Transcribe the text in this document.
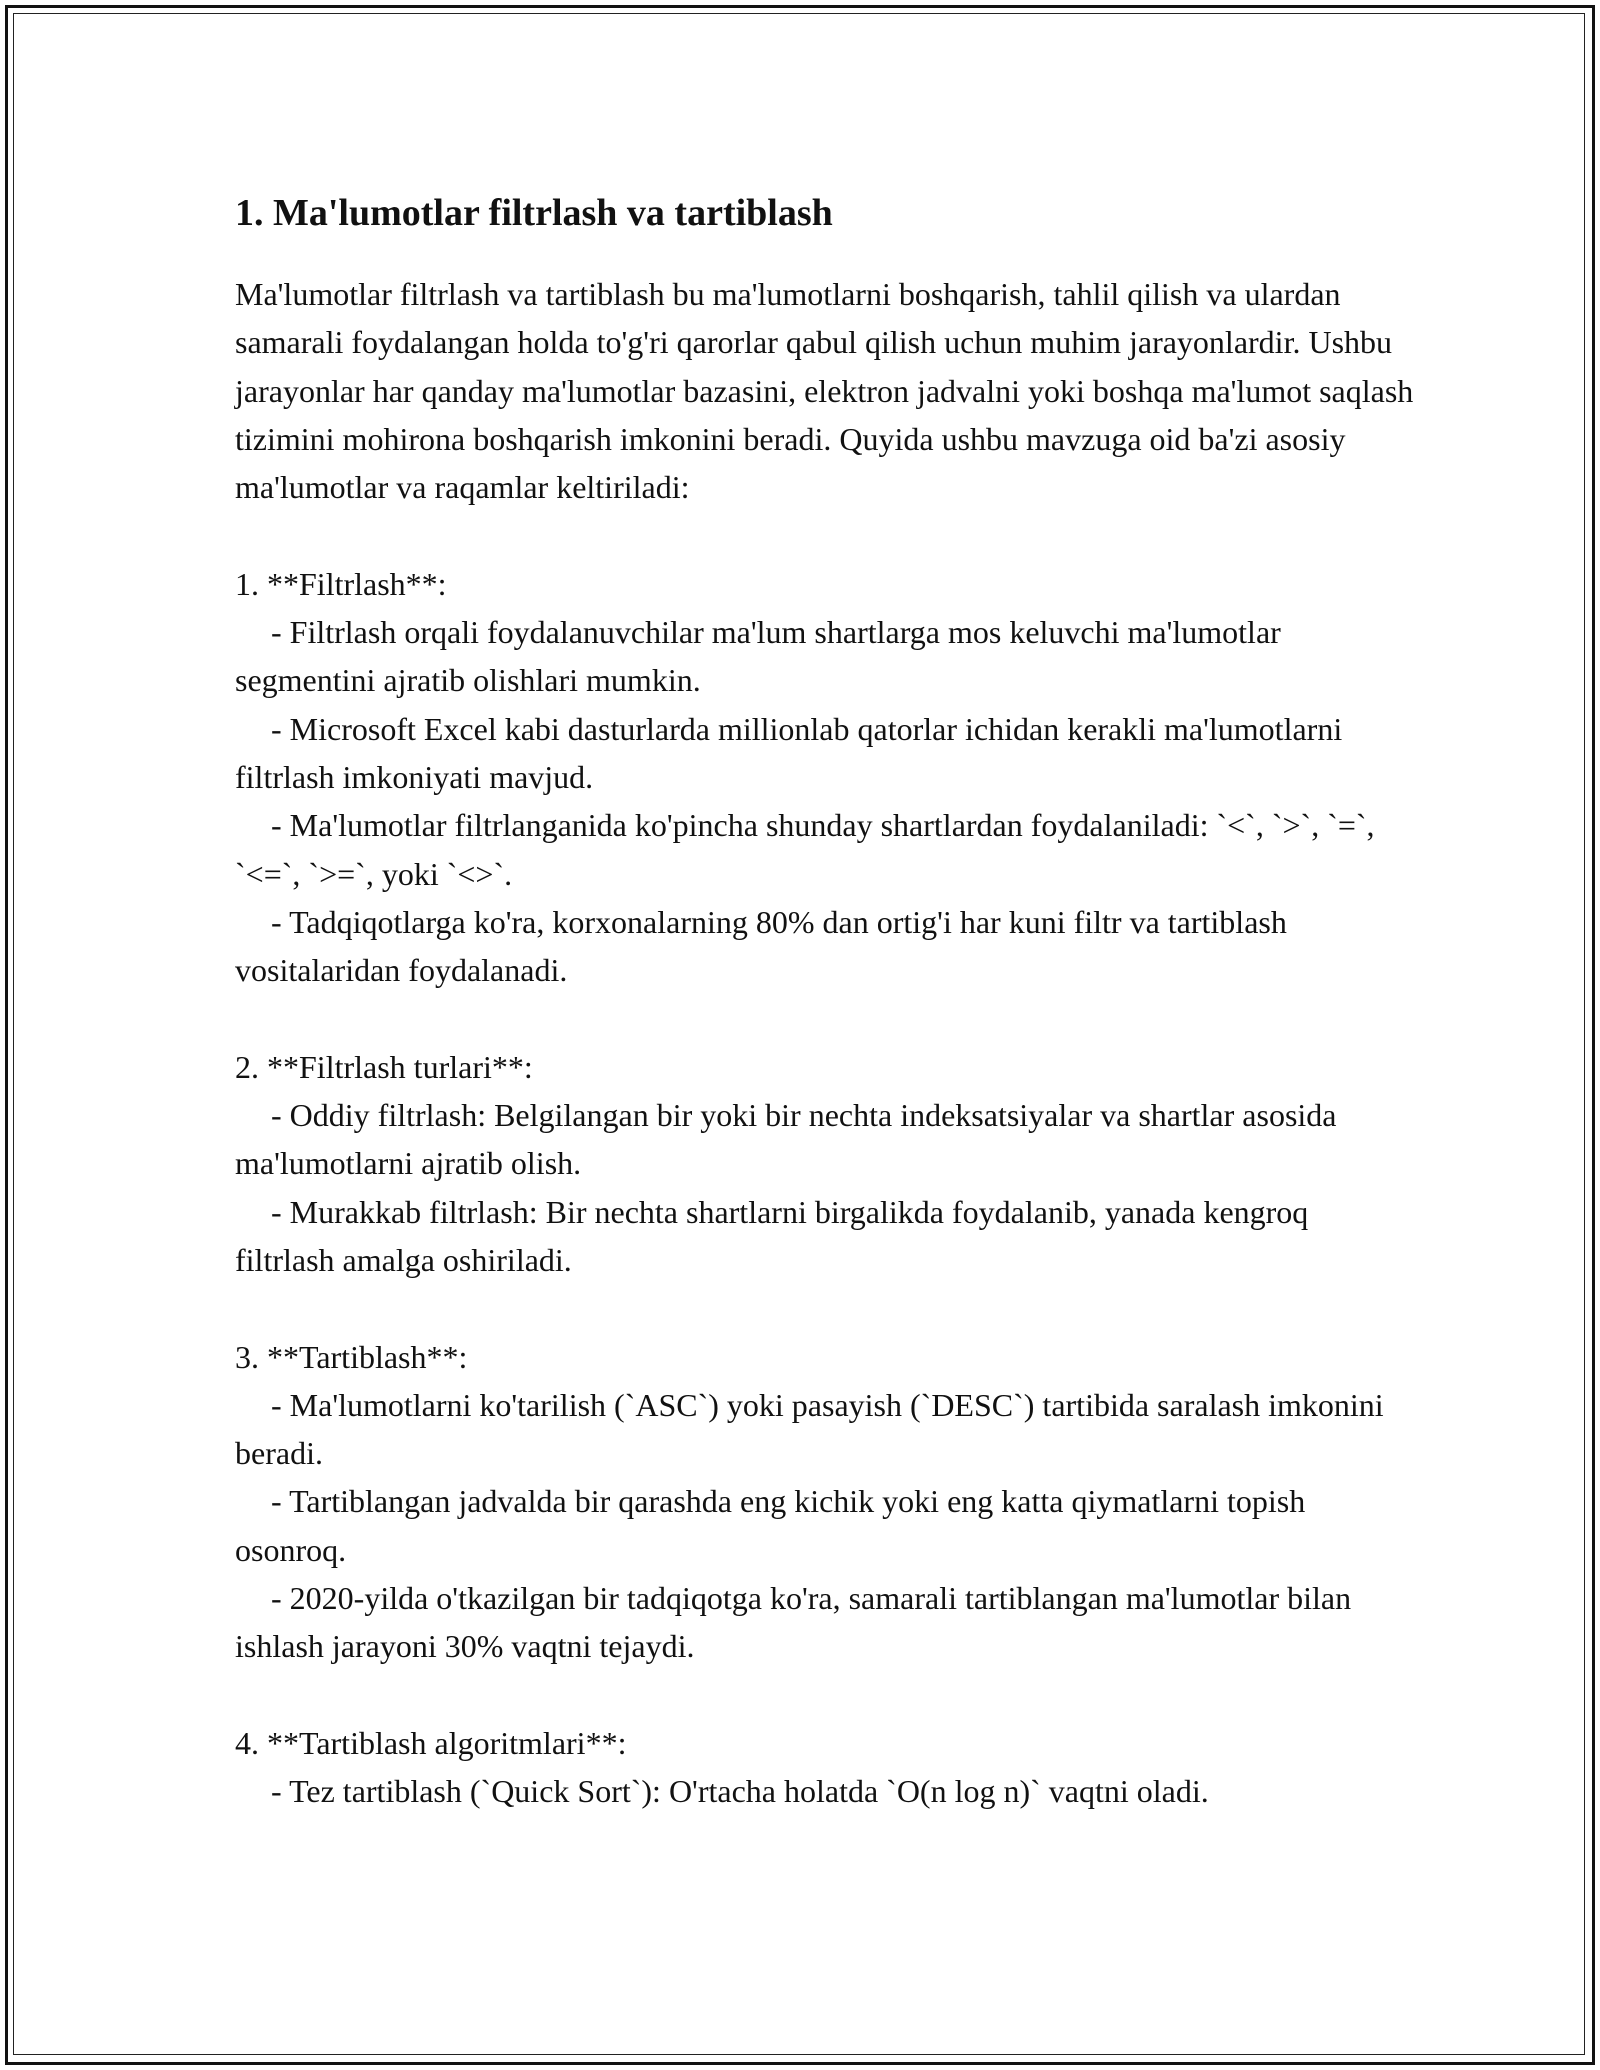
1. Ma'lumotlar filtrlash va tartiblash

Ma'lumotlar filtrlash va tartiblash bu ma'lumotlarni boshqarish, tahlil qilish va ulardan samarali foydalangan holda to'g'ri qarorlar qabul qilish uchun muhim jarayonlardir. Ushbu jarayonlar har qanday ma'lumotlar bazasini, elektron jadvalni yoki boshqa ma'lumot saqlash tizimini mohirona boshqarish imkonini beradi. Quyida ushbu mavzuga oid ba'zi asosiy ma'lumotlar va raqamlar keltiriladi:

1. **Filtrlash**:

- Filtrlash orqali foydalanuvchilar ma'lum shartlarga mos keluvchi ma'lumotlar segmentini ajratib olishlari mumkin.

- Microsoft Excel kabi dasturlarda millionlab qatorlar ichidan kerakli ma'lumotlarni filtrlash imkoniyati mavjud.

- Ma'lumotlar filtrlanganida ko'pincha shunday shartlardan foydalaniladi: `<`, `>`, `=`, `<=`, `>=`, yoki `<>`.

- Tadqiqotlarga ko'ra, korxonalarning 80% dan ortig'i har kuni filtr va tartiblash vositalaridan foydalanadi.

2. **Filtrlash turlari**:

- Oddiy filtrlash: Belgilangan bir yoki bir nechta indeksatsiyalar va shartlar asosida ma'lumotlarni ajratib olish.

- Murakkab filtrlash: Bir nechta shartlarni birgalikda foydalanib, yanada kengroq filtrlash amalga oshiriladi.

3. **Tartiblash**:

- Ma'lumotlarni ko'tarilish (`ASC`) yoki pasayish (`DESC`) tartibida saralash imkonini beradi.

- Tartiblangan jadvalda bir qarashda eng kichik yoki eng katta qiymatlarni topish osonroq.

- 2020-yilda o'tkazilgan bir tadqiqotga ko'ra, samarali tartiblangan ma'lumotlar bilan ishlash jarayoni 30% vaqtni tejaydi.

4. **Tartiblash algoritmlari**:

- Tez tartiblash (`Quick Sort`): O'rtacha holatda `O(n log n)` vaqtni oladi.
